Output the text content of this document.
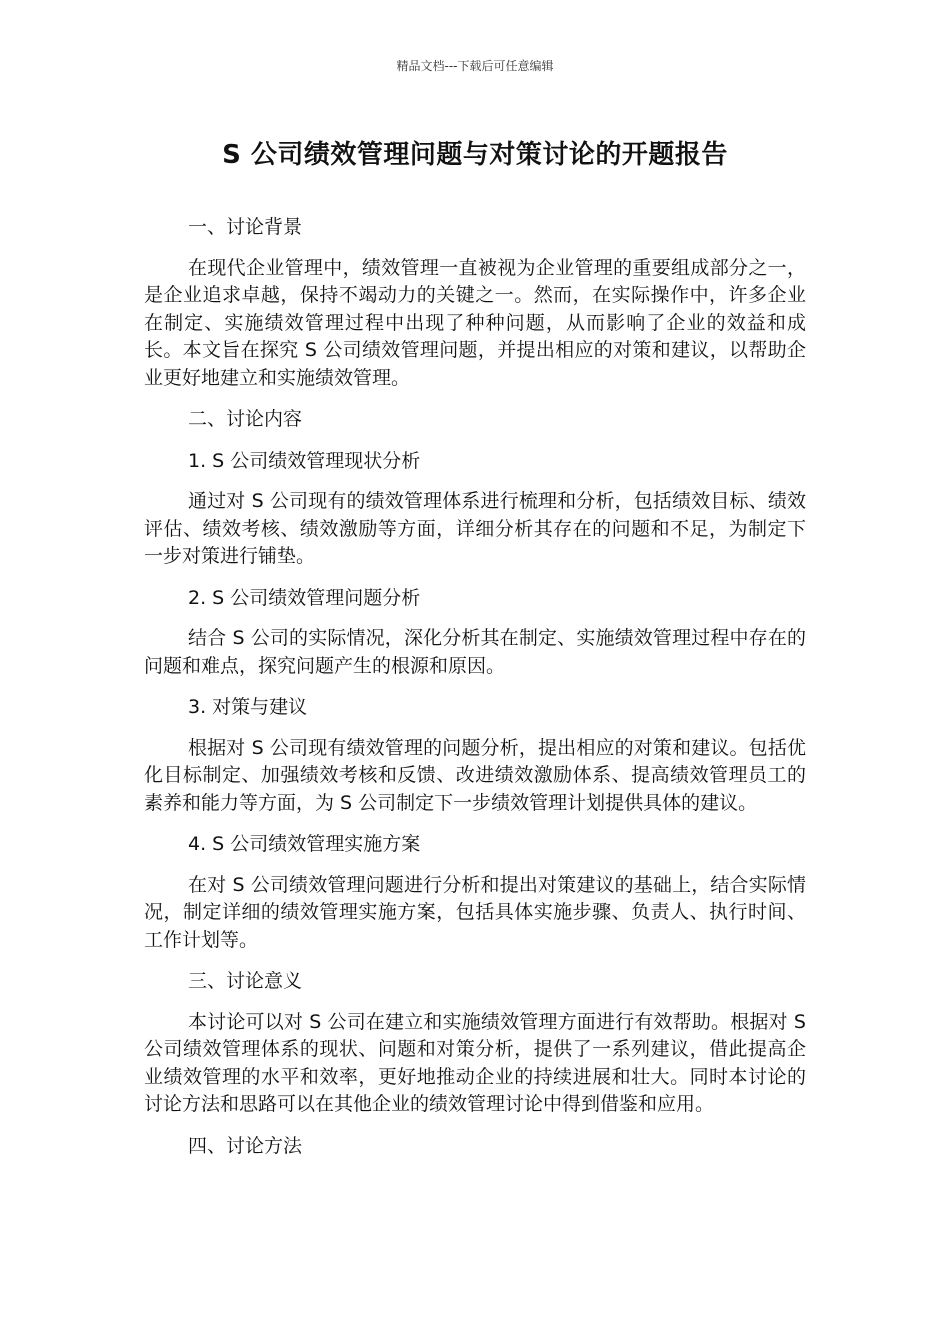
精品文档---下载后可任意编辑
S 公司绩效管理问题与对策讨论的开题报告

一、讨论背景

在现代企业管理中，绩效管理一直被视为企业管理的重要组成部分之一，是企业追求卓越，保持不竭动力的关键之一。然而，在实际操作中，许多企业在制定、实施绩效管理过程中出现了种种问题，从而影响了企业的效益和成长。本文旨在探究 S 公司绩效管理问题，并提出相应的对策和建议，以帮助企业更好地建立和实施绩效管理。

二、讨论内容

1. S 公司绩效管理现状分析

通过对 S 公司现有的绩效管理体系进行梳理和分析，包括绩效目标、绩效评估、绩效考核、绩效激励等方面，详细分析其存在的问题和不足，为制定下一步对策进行铺垫。

2. S 公司绩效管理问题分析

结合 S 公司的实际情况，深化分析其在制定、实施绩效管理过程中存在的问题和难点，探究问题产生的根源和原因。

3. 对策与建议

根据对 S 公司现有绩效管理的问题分析，提出相应的对策和建议。包括优化目标制定、加强绩效考核和反馈、改进绩效激励体系、提高绩效管理员工的素养和能力等方面，为 S 公司制定下一步绩效管理计划提供具体的建议。

4. S 公司绩效管理实施方案

在对 S 公司绩效管理问题进行分析和提出对策建议的基础上，结合实际情况，制定详细的绩效管理实施方案，包括具体实施步骤、负责人、执行时间、工作计划等。

三、讨论意义

本讨论可以对 S 公司在建立和实施绩效管理方面进行有效帮助。根据对 S 公司绩效管理体系的现状、问题和对策分析，提供了一系列建议，借此提高企业绩效管理的水平和效率，更好地推动企业的持续进展和壮大。同时本讨论的讨论方法和思路可以在其他企业的绩效管理讨论中得到借鉴和应用。

四、讨论方法
